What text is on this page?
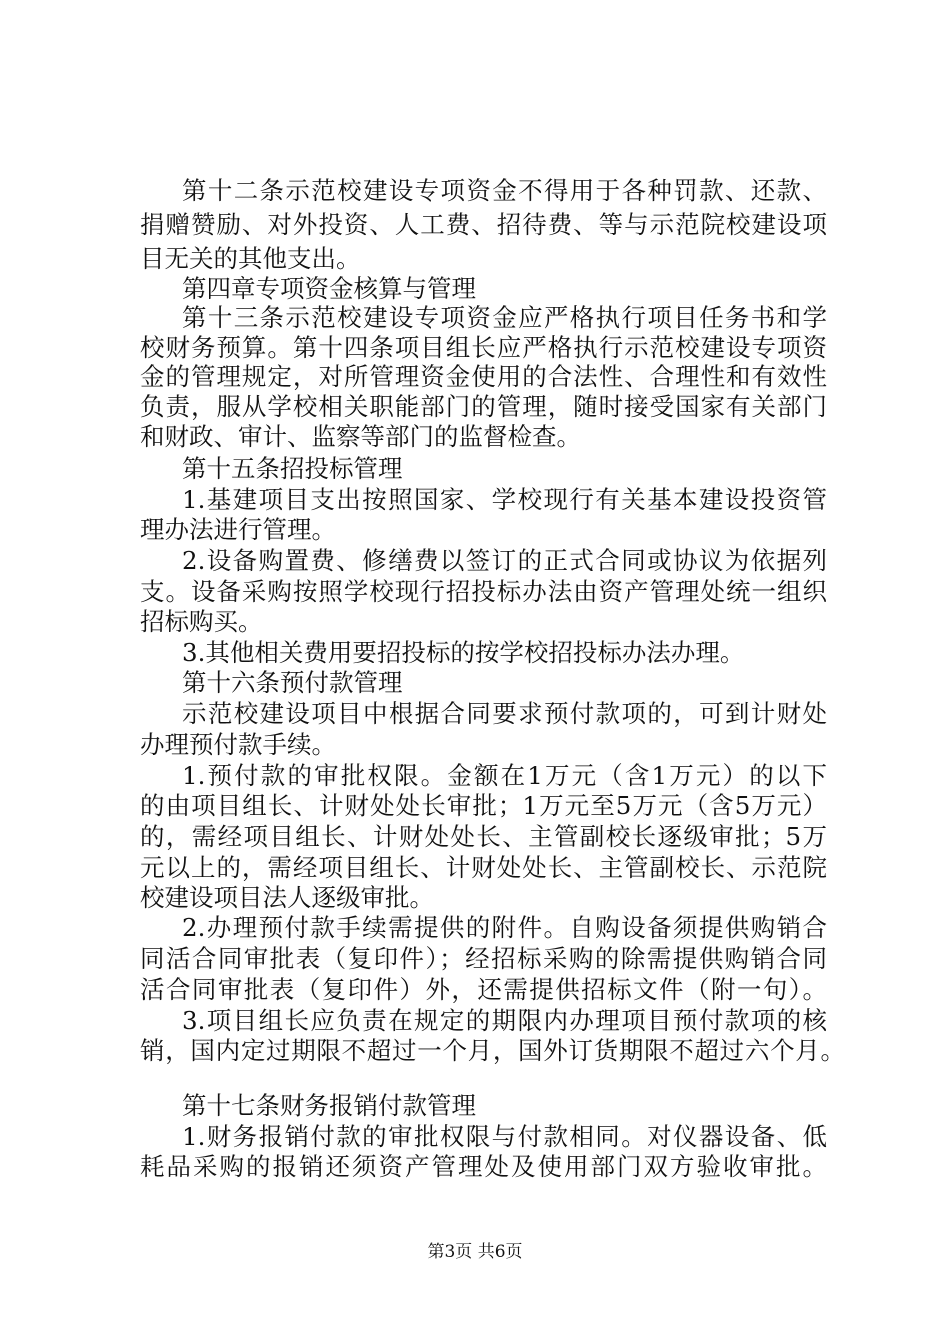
第十二条示范校建设专项资金不得用于各种罚款、还款、
捐赠赞励、对外投资、人工费、招待费、等与示范院校建设项
目无关的其他支出。
第四章专项资金核算与管理
第十三条示范校建设专项资金应严格执行项目任务书和学
校财务预算。第十四条项目组长应严格执行示范校建设专项资
金的管理规定，对所管理资金使用的合法性、合理性和有效性
负责，服从学校相关职能部门的管理，随时接受国家有关部门
和财政、审计、监察等部门的监督检查。
第十五条招投标管理
1.基建项目支出按照国家、学校现行有关基本建设投资管
理办法进行管理。
2.设备购置费、修缮费以签订的正式合同或协议为依据列
支。设备采购按照学校现行招投标办法由资产管理处统一组织
招标购买。
3.其他相关费用要招投标的按学校招投标办法办理。
第十六条预付款管理
示范校建设项目中根据合同要求预付款项的，可到计财处
办理预付款手续。
1.预付款的审批权限。金额在1万元（含1万元）的以下
的由项目组长、计财处处长审批；1万元至5万元（含5万元）
的，需经项目组长、计财处处长、主管副校长逐级审批；5万
元以上的，需经项目组长、计财处处长、主管副校长、示范院
校建设项目法人逐级审批。
2.办理预付款手续需提供的附件。自购设备须提供购销合
同活合同审批表（复印件）；经招标采购的除需提供购销合同
活合同审批表（复印件）外，还需提供招标文件（附一句）。
3.项目组长应负责在规定的期限内办理项目预付款项的核
销，国内定过期限不超过一个月，国外订货期限不超过六个月。
第十七条财务报销付款管理
1.财务报销付款的审批权限与付款相同。对仪器设备、低
耗品采购的报销还须资产管理处及使用部门双方验收审批。
第3页 共6页
